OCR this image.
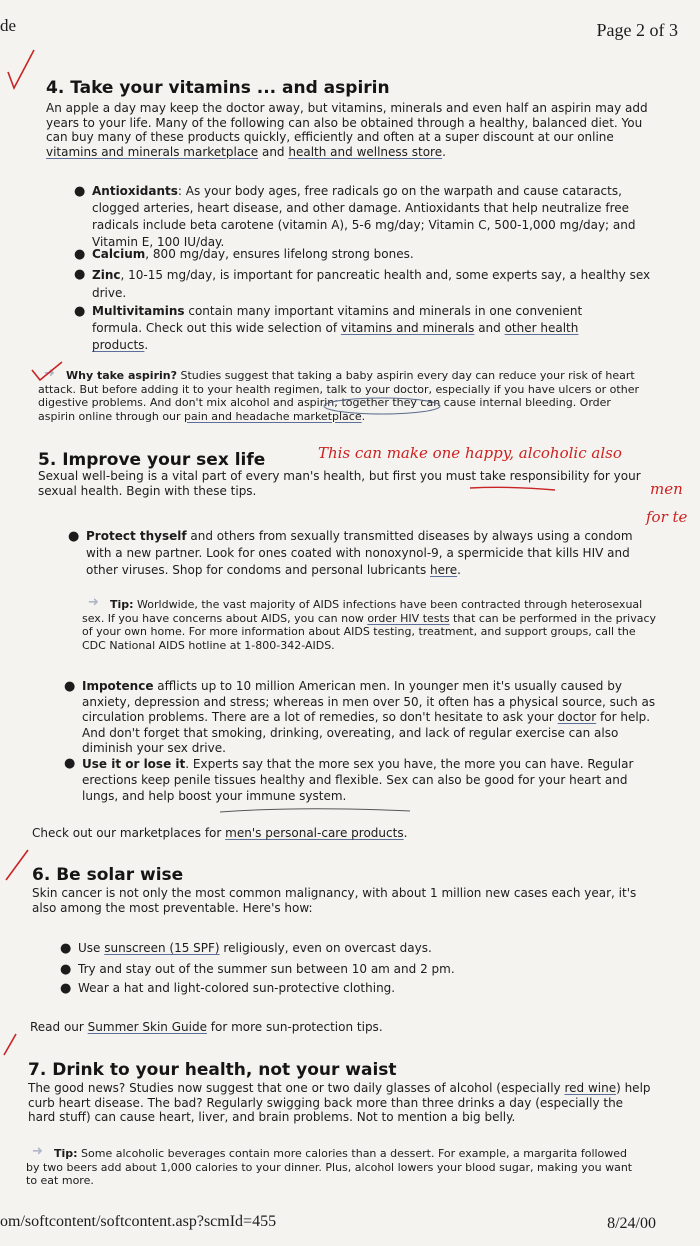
de	Page 2 of 3
4. Take your vitamins ... and aspirin
An apple a day may keep the doctor away, but vitamins, minerals and even half an aspirin may add years to your life. Many of the following can also be obtained through a healthy, balanced diet. You can buy many of these products quickly, efficiently and often at a super discount at our online vitamins and minerals marketplace and health and wellness store.
● Antioxidants: As your body ages, free radicals go on the warpath and cause cataracts, clogged arteries, heart disease, and other damage. Antioxidants that help neutralize free radicals include beta carotene (vitamin A), 5-6 mg/day; Vitamin C, 500-1,000 mg/day; and Vitamin E, 100 IU/day.
● Calcium, 800 mg/day, ensures lifelong strong bones.
● Zinc, 10-15 mg/day, is important for pancreatic health and, some experts say, a healthy sex drive.
● Multivitamins contain many important vitamins and minerals in one convenient formula. Check out this wide selection of vitamins and minerals and other health products.
➜	Why take aspirin? Studies suggest that taking a baby aspirin every day can reduce your risk of heart attack. But before adding it to your health regimen, talk to your doctor, especially if you have ulcers or other digestive problems. And don't mix alcohol and aspirin; together they can cause internal bleeding. Order aspirin online through our pain and headache marketplace.
5. Improve your sex life
Sexual well-being is a vital part of every man's health, but first you must take responsibility for your sexual health. Begin with these tips.
This can make one happy, alcoholic also
men
for te
● Protect thyself and others from sexually transmitted diseases by always using a condom with a new partner. Look for ones coated with nonoxynol-9, a spermicide that kills HIV and other viruses. Shop for condoms and personal lubricants here.
➜	Tip: Worldwide, the vast majority of AIDS infections have been contracted through heterosexual sex. If you have concerns about AIDS, you can now order HIV tests that can be performed in the privacy of your own home. For more information about AIDS testing, treatment, and support groups, call the CDC National AIDS hotline at 1-800-342-AIDS.
● Impotence afflicts up to 10 million American men. In younger men it's usually caused by anxiety, depression and stress; whereas in men over 50, it often has a physical source, such as circulation problems. There are a lot of remedies, so don't hesitate to ask your doctor for help. And don't forget that smoking, drinking, overeating, and lack of regular exercise can also diminish your sex drive.
● Use it or lose it. Experts say that the more sex you have, the more you can have. Regular erections keep penile tissues healthy and flexible. Sex can also be good for your heart and lungs, and help boost your immune system.
Check out our marketplaces for men's personal-care products.
6. Be solar wise
Skin cancer is not only the most common malignancy, with about 1 million new cases each year, it's also among the most preventable. Here's how:
● Use sunscreen (15 SPF) religiously, even on overcast days.
● Try and stay out of the summer sun between 10 am and 2 pm.
● Wear a hat and light-colored sun-protective clothing.
Read our Summer Skin Guide for more sun-protection tips.
7. Drink to your health, not your waist
The good news? Studies now suggest that one or two daily glasses of alcohol (especially red wine) help curb heart disease. The bad? Regularly swigging back more than three drinks a day (especially the hard stuff) can cause heart, liver, and brain problems. Not to mention a big belly.
➜	Tip: Some alcoholic beverages contain more calories than a dessert. For example, a margarita followed by two beers add about 1,000 calories to your dinner. Plus, alcohol lowers your blood sugar, making you want to eat more.
om/softcontent/softcontent.asp?scmId=455	8/24/00
